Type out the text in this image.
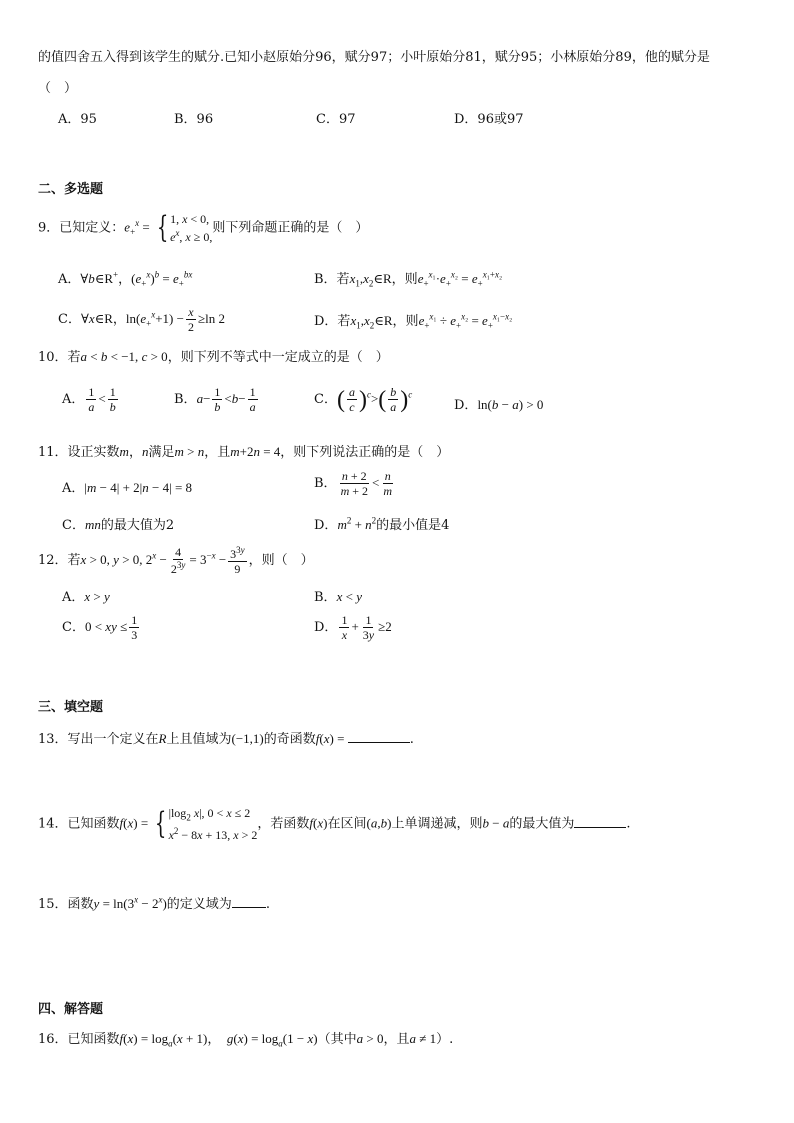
的值四舍五入得到该学生的赋分.已知小赵原始分96，赋分97；小叶原始分81，赋分95；小林原始分89，他的赋分是
（　）
A．95	B．96	C．97	D．96或97
二、多选题
9．已知定义：$e_+^x$ = { 1, x < 0,
$e^x$, x ≥ 0,
则下列命题正确的是（　）
A．∀b∈R+，$(e_+^x)^b = e_+^{bx}$	B．若$x_1,x_2\in R$，则$e_+^{x_1}\cdot e_+^{x_2} = e_+^{x_1+x_2}$
C．∀x∈R，$\ln(e_+^x+1) - \frac{x}{2} \ge\ln$ 2	D．若$x_1,x_2\in R$，则$e_+^{x_1} \div e_+^{x_2} = e_+^{x_1-x_2}$
10．若a < b < −1, c > 0，则下列不等式中一定成立的是（　）
A． $\frac{1}{a} < \frac{1}{b}$	B．$a- \frac{1}{b} <b- \frac{1}{a}$	C．( $\frac{a}{c} )^c>( \frac{b}{a} )^c$
D．ln(b − a) > 0
11．设正实数m，n满足m > n，且m+2n = 4，则下列说法正确的是（　）
A．|m − 4| + 2|n − 4| = 8	B． $\frac{n + 2}{m + 2} < \frac{n}{m}$
C．mn的最大值为2	D．$m^2 + n^2$的最小值是4
12．若x > 0, y > 0, $2^x - \frac{4}{2^{3y}} = 3^{-x} - \frac{3^{3y}}{9}$ ，则（　）
A．x > y	B．x < y
C．0 < xy ≤ $\frac{1}{3}$	D． $\frac{1}{x} + \frac{1}{3y} \ge 2$
三、填空题
13．写出一个定义在R上且值域为(−1,1)的奇函数f(x) =	.
14．已知函数f(x) = { $|\log_2$ x|, 0 < x ≤ 2
$x^2 - 8x + 13$, x > 2
，若函数f(x)在区间(a,b)上单调递减，则b − a的最大值为	.
15．函数$y = \ln(3^x - 2^x)$的定义域为	.
四、解答题
16．已知函数$f(x) = \log_a(x + 1)$， $g(x) = \log_a(1 - x)$（其中a > 0，且a ≠ 1）.
